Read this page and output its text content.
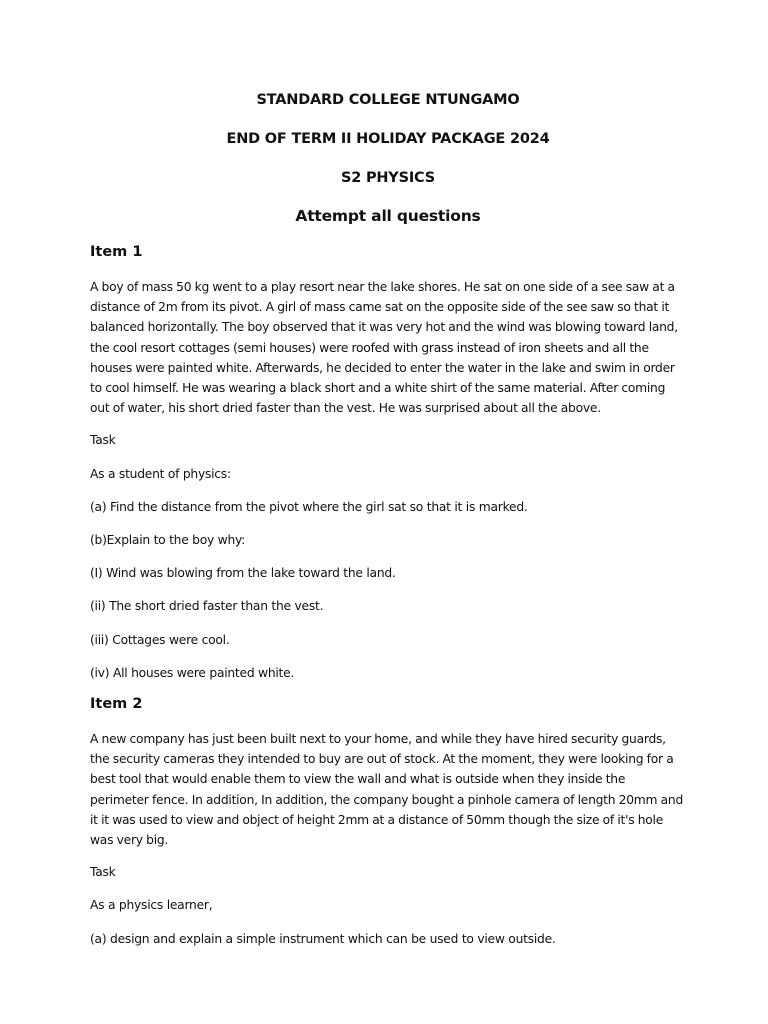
STANDARD COLLEGE NTUNGAMO

END OF TERM II HOLIDAY PACKAGE 2024

S2 PHYSICS

Attempt all questions

Item 1

A boy of mass 50 kg went to a play resort near the lake shores. He sat on one side of a see saw at a distance of 2m from its pivot. A girl of mass came sat on the opposite side of the see saw so that it balanced horizontally. The boy observed that it was very hot and the wind was blowing toward land, the cool resort cottages (semi houses) were roofed with grass instead of iron sheets and all the houses were painted white. Afterwards, he decided to enter the water in the lake and swim in order to cool himself. He was wearing a black short and a white shirt of the same material. After coming out of water, his short dried faster than the vest. He was surprised about all the above.

Task

As a student of physics:

(a) Find the distance from the pivot where the girl sat so that it is marked.

(b)Explain to the boy why:

(I) Wind was blowing from the lake toward the land.

(ii) The short dried faster than the vest.

(iii) Cottages were cool.

(iv) All houses were painted white.

Item 2

A new company has just been built next to your home, and while they have hired security guards, the security cameras they intended to buy are out of stock. At the moment, they were looking for a best tool that would enable them to view the wall and what is outside when they inside the perimeter fence. In addition, In addition, the company bought a pinhole camera of length 20mm and it it was used to view and object of height 2mm at a distance of 50mm though the size of it's hole was very big.

Task

As a physics learner,

(a) design and explain a simple instrument which can be used to view outside.
